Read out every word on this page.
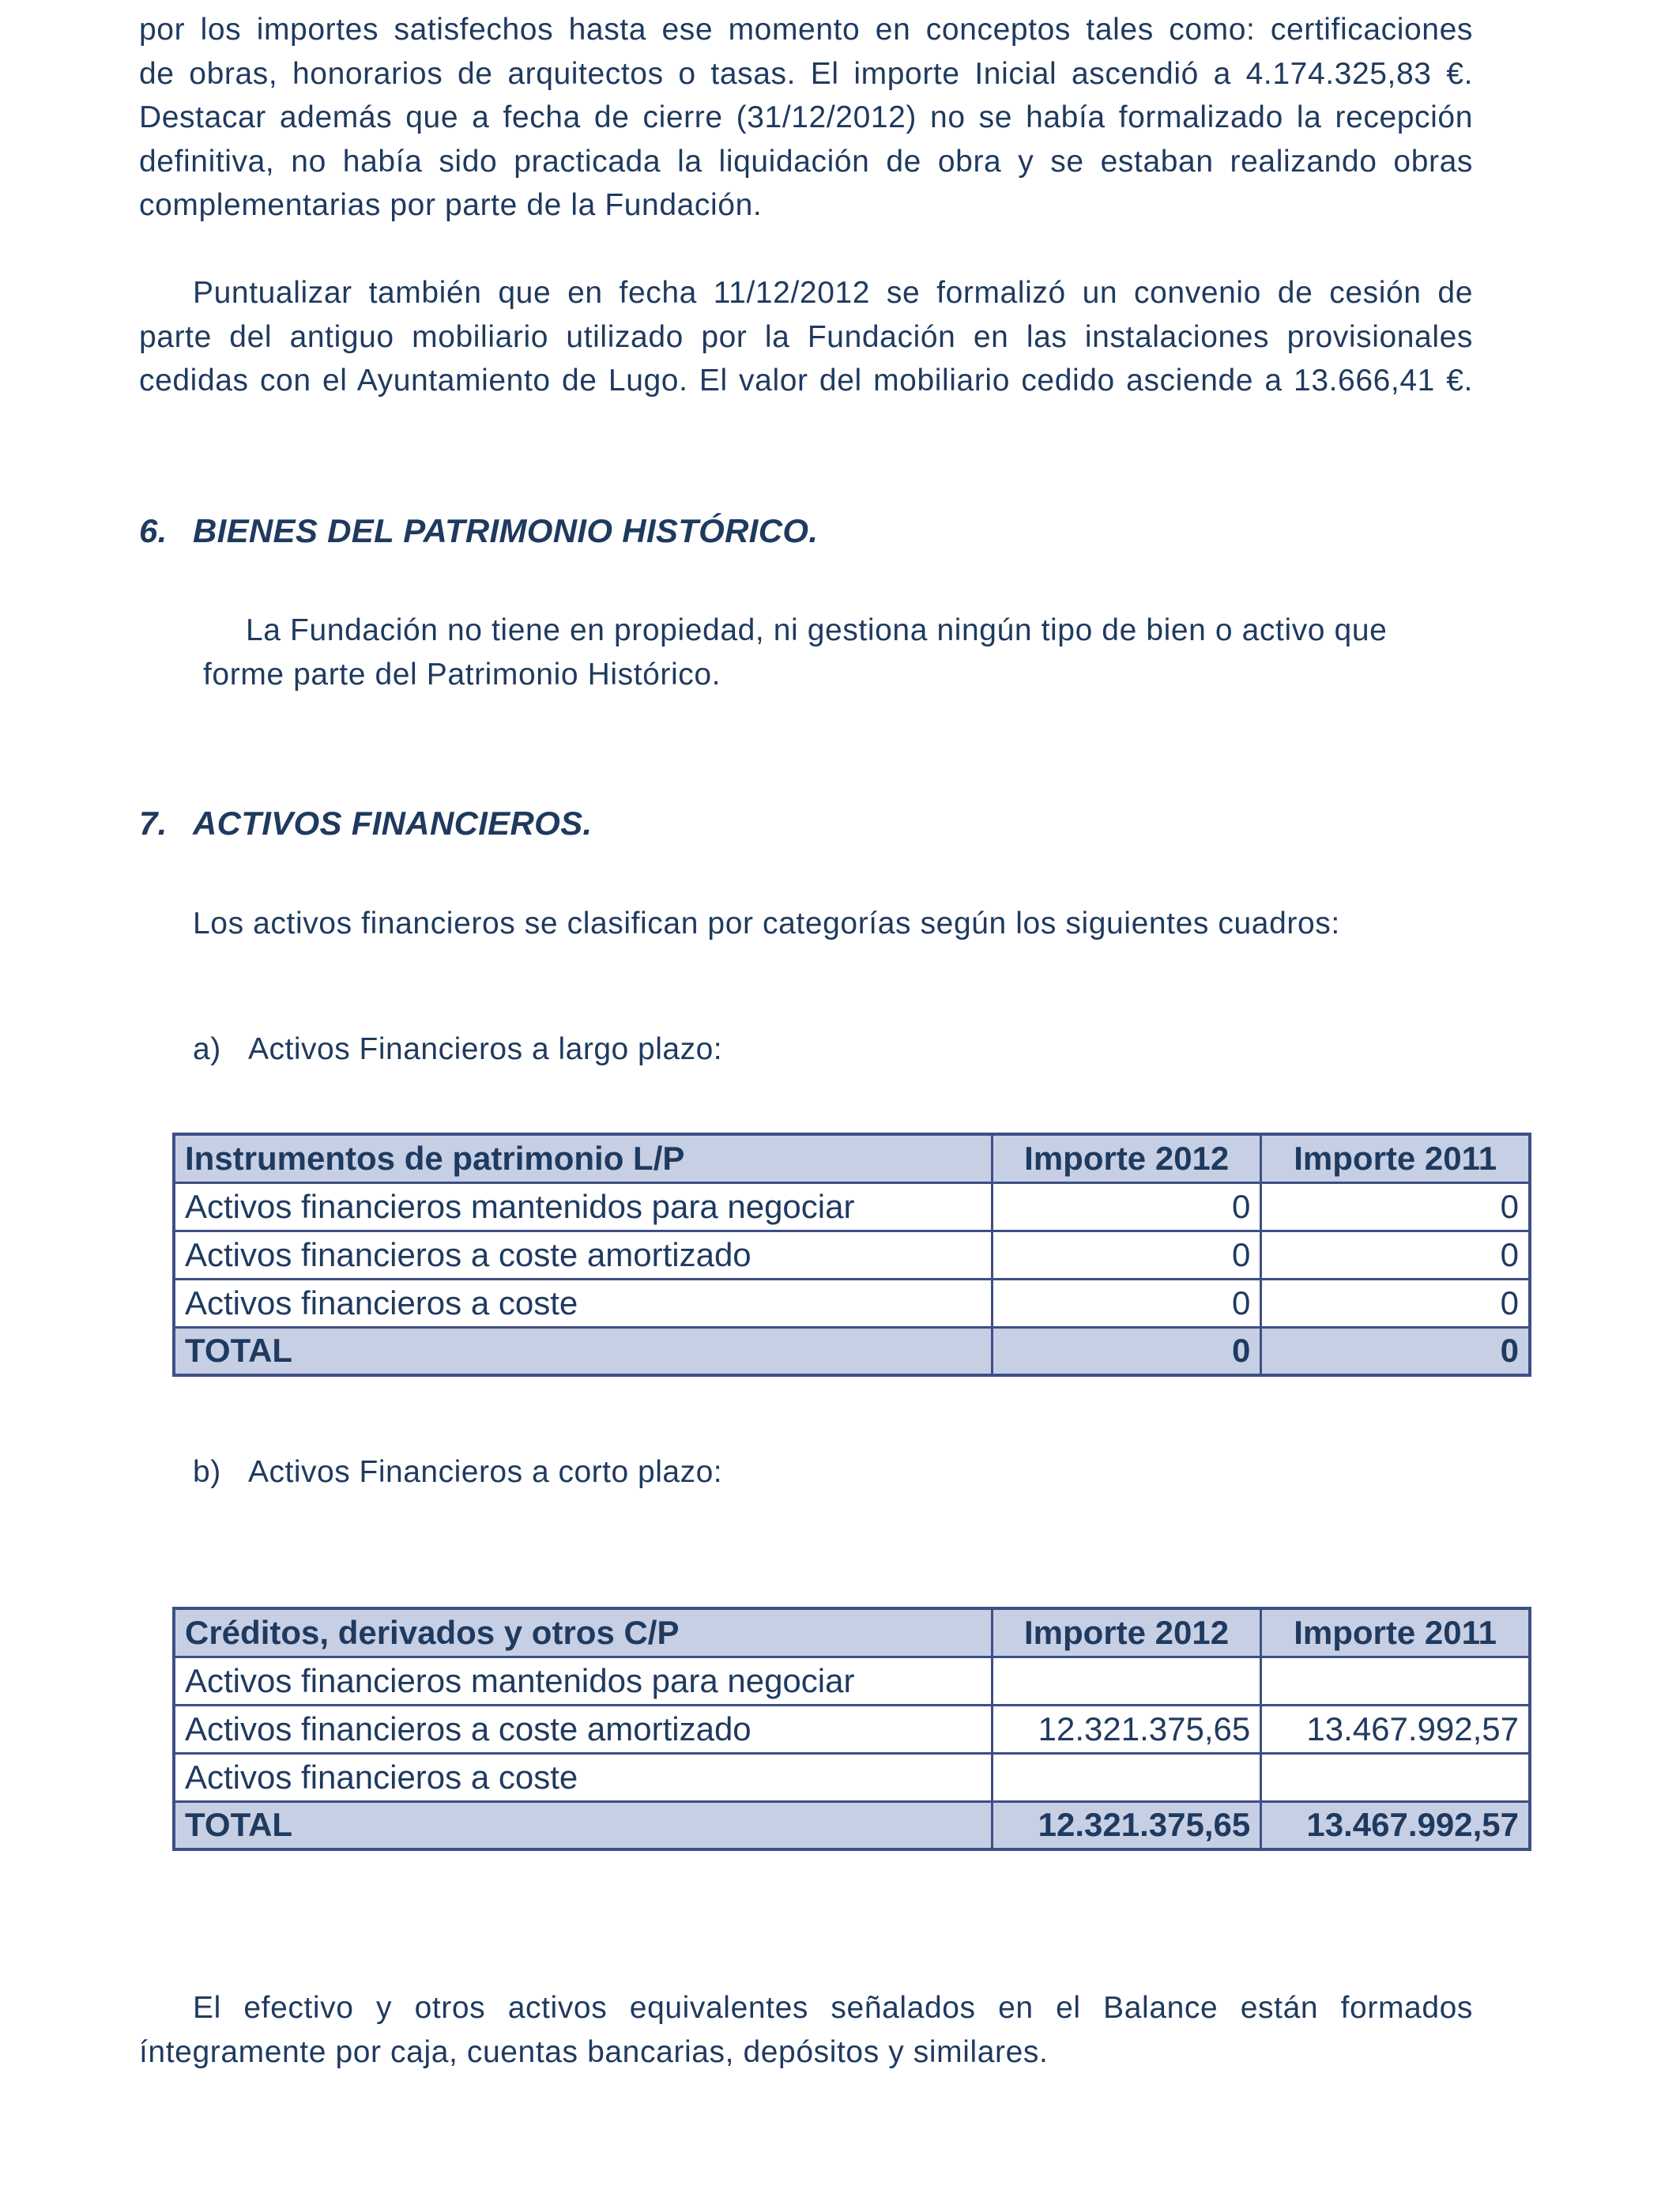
por los importes satisfechos hasta ese momento en conceptos tales como: certificaciones
de obras, honorarios de arquitectos o tasas. El importe Inicial ascendió a 4.174.325,83 €.
Destacar además que a fecha de cierre (31/12/2012) no se había formalizado la recepción
definitiva, no había sido practicada la liquidación de obra y se estaban realizando obras
complementarias por parte de la Fundación.
Puntualizar también que en fecha 11/12/2012 se formalizó un convenio de cesión de
parte del antiguo mobiliario utilizado por la Fundación en las instalaciones provisionales
cedidas con el Ayuntamiento de Lugo. El valor del mobiliario cedido asciende a 13.666,41 €.
6. BIENES DEL PATRIMONIO HISTÓRICO.
La Fundación no tiene en propiedad, ni gestiona ningún tipo de bien o activo que
forme parte del Patrimonio Histórico.
7. ACTIVOS FINANCIEROS.
Los activos financieros se clasifican por categorías según los siguientes cuadros:
a) Activos Financieros a largo plazo:
Instrumentos de patrimonio L/P	Importe 2012	Importe 2011
Activos financieros mantenidos para negociar	0	0
Activos financieros a coste amortizado	0	0
Activos financieros a coste	0	0
TOTAL	0	0
b) Activos Financieros a corto plazo:
Créditos, derivados y otros C/P	Importe 2012	Importe 2011
Activos financieros mantenidos para negociar		
Activos financieros a coste amortizado	12.321.375,65	13.467.992,57
Activos financieros a coste		
TOTAL	12.321.375,65	13.467.992,57
El efectivo y otros activos equivalentes señalados en el Balance están formados
íntegramente por caja, cuentas bancarias, depósitos y similares.
